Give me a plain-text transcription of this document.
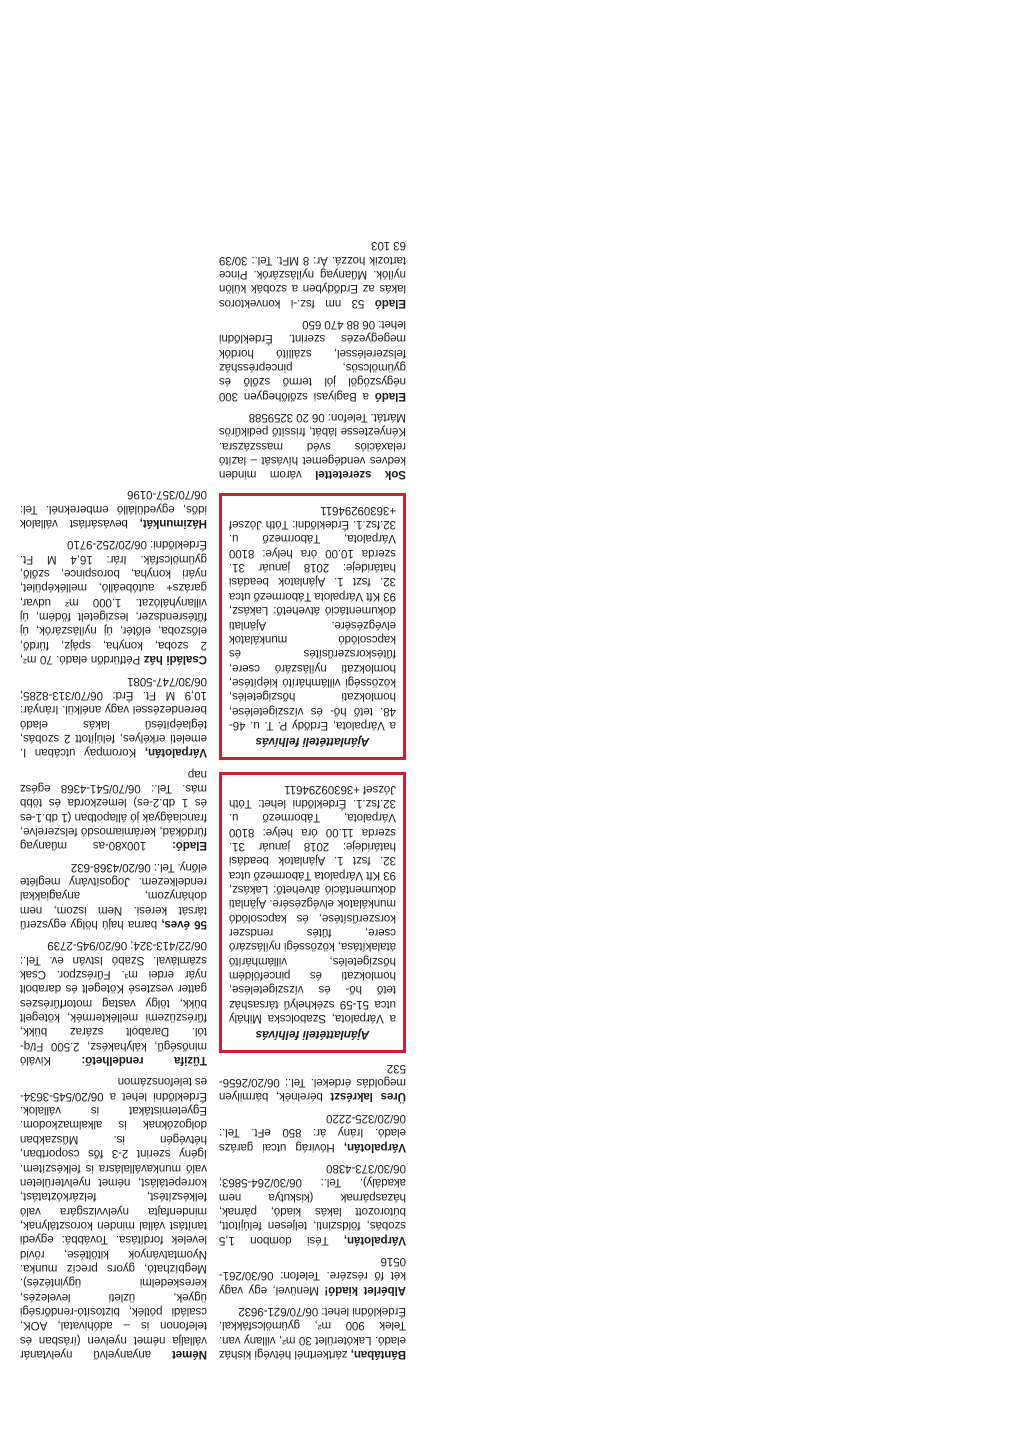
Bántában, zártkertnél hétvégi kisház eladó. Lakóterület 30 m², villany van. Telek 900 m², gyümölcsfákkal. Érdeklődni lehet: 06/70/621-9632
Albérlet kiadó! Menüvel, egy vagy két fő részére. Telefon: 06/30/261-0516
Várpalotán, Tési dombon 1,5 szobás, földszinti, teljesen felújított, bútorozott lakás kiadó, párnak, házaspárnak (kiskutya nem akadály). Tel.: 06/30/264-5863; 06/30/373-4380
Várpalotán, Hóvirág utcai garázs eladó. Irány ár: 850 eFt. Tel.: 06/20/325-2220
Üres lakrészt bérelnék, bármilyen megoldás érdekel. Tel.: 06/20/2656-532
Ajánlattételi felhívás
a Várpalota, Szabolcska Mihály utca 51-59 székhelyű társasház tető hő- és vízszigetelése, homlokzati és pinceföldém hőszigetelés, villámhárító átalakítása, közösségi nyílászáró csere, fűtés rendszer korszerűsítése, és kapcsolódó munkálatok elvégzésére. Ajánlati dokumentáció átvehető: Lakász, 93 Kft Várpalota Tábormező utca 32. fszt 1. Ajánlatok beadási határideje: 2018 január 31. szerda 11.00 óra helye: 8100 Várpalota, Tábormező u. 32.fsz.1. Érdeklődni lehet: Tóth József +36309294611
Ajánlattételi felhívás
a Várpalota, Erdődy P. T. u. 46-48. tető hő- és vízszigetelése, homlokzati hőszigetelés, közösségi villámhárító kiépítése, homlokzati nyílászáró csere, fűtéskorszerűsítés és kapcsolódó munkálatok elvégzésére. Ajánlati dokumentáció átvehető: Lakász, 93 Kft Várpalota Tábormező utca 32. fszt 1. Ajánlatok beadási határideje: 2018 január 31. szerda 10.00 óra helye: 8100 Várpalota, Tábormező u. 32.fsz.1. Érdeklődni: Tóth József +36309294611
Sok szeretettel várom minden kedves vendégemet hívását – lazító relaxációs svéd masszázsra. Kényeztesse lábát, frissítő pedikűrös Mártát. Telefon: 06 20 3259588
Eladó a Bagiyasi szőlőhegyen 300 négyszögöl jól termő szőlő és gyümölcsös, pincepréssház felszereléssel, szállító hordók megegyezés szerint. Érdeklődni lehet: 06 88 470 650
Eladó 53 nm fsz.-i konvektoros lakás az Erdődyben a szobák külön nyílók. Műanyag nyílászárók. Pince tartozik hozzá. Ár: 8 MFt. Tel.: 30/39 63 103
Német anyanyelvű nyelvtanár vállalja német nyelven (írásban és telefonon is – adóhivatal, AOK, családi pótlék, biztosító-rendőrségi ügyek, üzleti levelezés, kereskedelmi ügyintézés). Megbízható, gyors precíz munka. Nyomtatványok kitöltése, rövid levelek fordítása. Továbbá: egyedi tanítást vállal minden korosztálynak, mindenfajta nyelvvizsgára való felkészítést, felzárkóztatást, korrepetálást, német nyelvterületen való munkavállalásra is felkészítem. Igény szerint 2-3 fős csoportban, hétvégén is. Műszakban dolgozóknak is alkalmazkodom. Egyetemistákat is vállalok. Érdeklődni lehet a 06/20/545-3634-es telefonszámon
Tűzifa rendelhető: Kiváló minőségű, kályhakész, 2.500 Ft/q-tól. Darabolt száraz bükk, fűrészüzemi melléktermék, kötegelt bükk, tölgy vastag motorfűrészes gatter vesztesé Kötegelt és darabolt nyár erdei m³. Fűrészpor. Csak számlával. Szabó István ev. Tel.: 06/22/413-324; 06/20/945-2739
56 éves, barna hajú hölgy egyszerű társát keresi. Nem iszom, nem dohányzom, anyagiakkal rendelkezem. Jogosítvány megléte előny. Tel.: 06/20/4368-632
Eladó: 100x80-as műanyag fürdőkád, kerámiamosdó felszerelve, franciaágyak jó állapotban (1 db.1-es és 1 db.2-es) lemezkorda és több más. Tel.: 06/70/541-4368 egész nap
Várpalotán, Korompay utcában I. emeleti erkélyes, felújított 2 szobás, téglaépítésű lakás eladó berendezéssel vagy anélkül. Irányár: 10,9 M Ft. Érd: 06/70/313-8285; 06/30/747-5081
Családi ház Pétfürdőn eladó. 70 m², 2 szoba, konyha, spájz, fürdő, előszoba, előtér, új nyílászárók, új fűtésrendszer, leszigetelt födém, új villanyhálózat. 1.000 m² udvar, garázs+ autóbeálló, melléképület, nyári konyha, borospince, szőlő, gyümölcsfák. Irár: 16,4 M Ft. Érdeklődni: 06/20/252-9710
Házimunkát, bevásárlást vállalok idős, egyedülálló embereknél. Tel: 06/70/357-0196
